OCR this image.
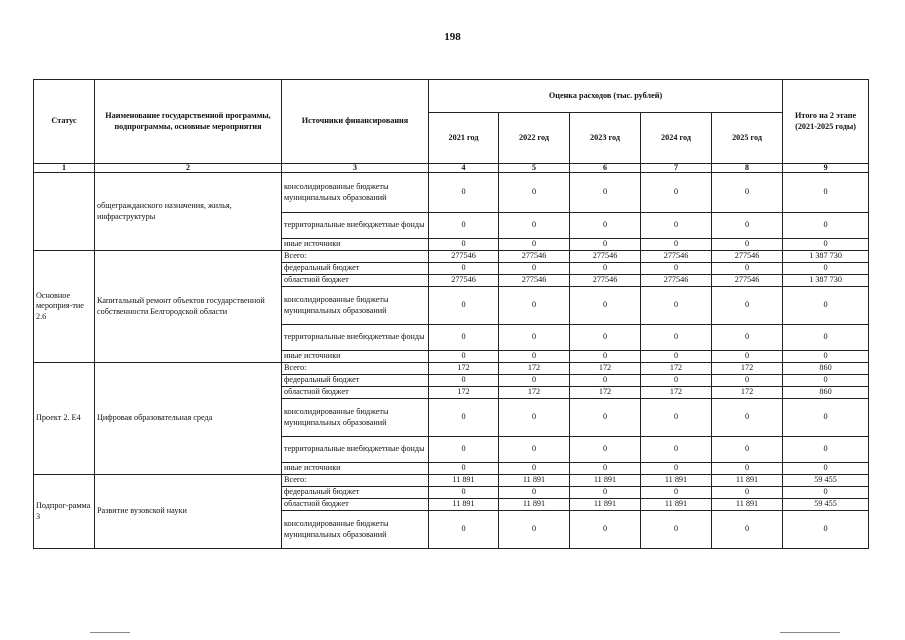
198
Статус	Наименование государственной программы, подпрограммы, основные мероприятия	Источники финансирования	Оценка расходов (тыс. рублей)					Итого на 2 этапе (2021-2025 годы)
			2021 год	2022 год	2023 год	2024 год	2025 год	
1	2	3	4	5	6	7	8	9
	общегражданского назначения, жилья, инфраструктуры	консолидированные бюджеты муниципальных образований	0	0	0	0	0	0
		территориальные внебюджетные фонды	0	0	0	0	0	0
		иные источники	0	0	0	0	0	0
Основное мероприя-тие 2.6	Капитальный ремонт объектов государственной собственности Белгородской области	Всего:	277546	277546	277546	277546	277546	1 387 730
		федеральный бюджет	0	0	0	0	0	0
		областной бюджет	277546	277546	277546	277546	277546	1 387 730
		консолидированные бюджеты муниципальных образований	0	0	0	0	0	0
		территориальные внебюджетные фонды	0	0	0	0	0	0
		иные источники	0	0	0	0	0	0
Проект 2. Е4	Цифровая образовательная среда	Всего:	172	172	172	172	172	860
		федеральный бюджет	0	0	0	0	0	0
		областной бюджет	172	172	172	172	172	860
		консолидированные бюджеты муниципальных образований	0	0	0	0	0	0
		территориальные внебюджетные фонды	0	0	0	0	0	0
		иные источники	0	0	0	0	0	0
Подпрог-рамма 3	Развитие вузовской науки	Всего:	11 891	11 891	11 891	11 891	11 891	59 455
		федеральный бюджет	0	0	0	0	0	0
		областной бюджет	11 891	11 891	11 891	11 891	11 891	59 455
		консолидированные бюджеты муниципальных образований	0	0	0	0	0	0
